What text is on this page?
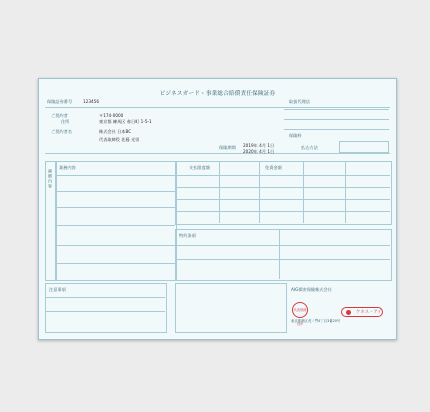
ビジネスガード・事業総合賠償責任保険証券
保険証券番号	123456
ご契約者
住所
〒174-0000
東京都 練馬区 春日町 1-5-1
ご契約者名	株式会社 日本BC
代表取締役 佐藤 光男
取扱代理店
保険料
保険期間 2019年 4月 1日
2020年 4月 1日
払込方法
補償内容
業務内容	支払限度額	免責金額
特約条項
注意事項	AIG損害保険株式会社
代表取締役印
ケネス・アイ
東京都港区虎ノ門4丁目3番20号
